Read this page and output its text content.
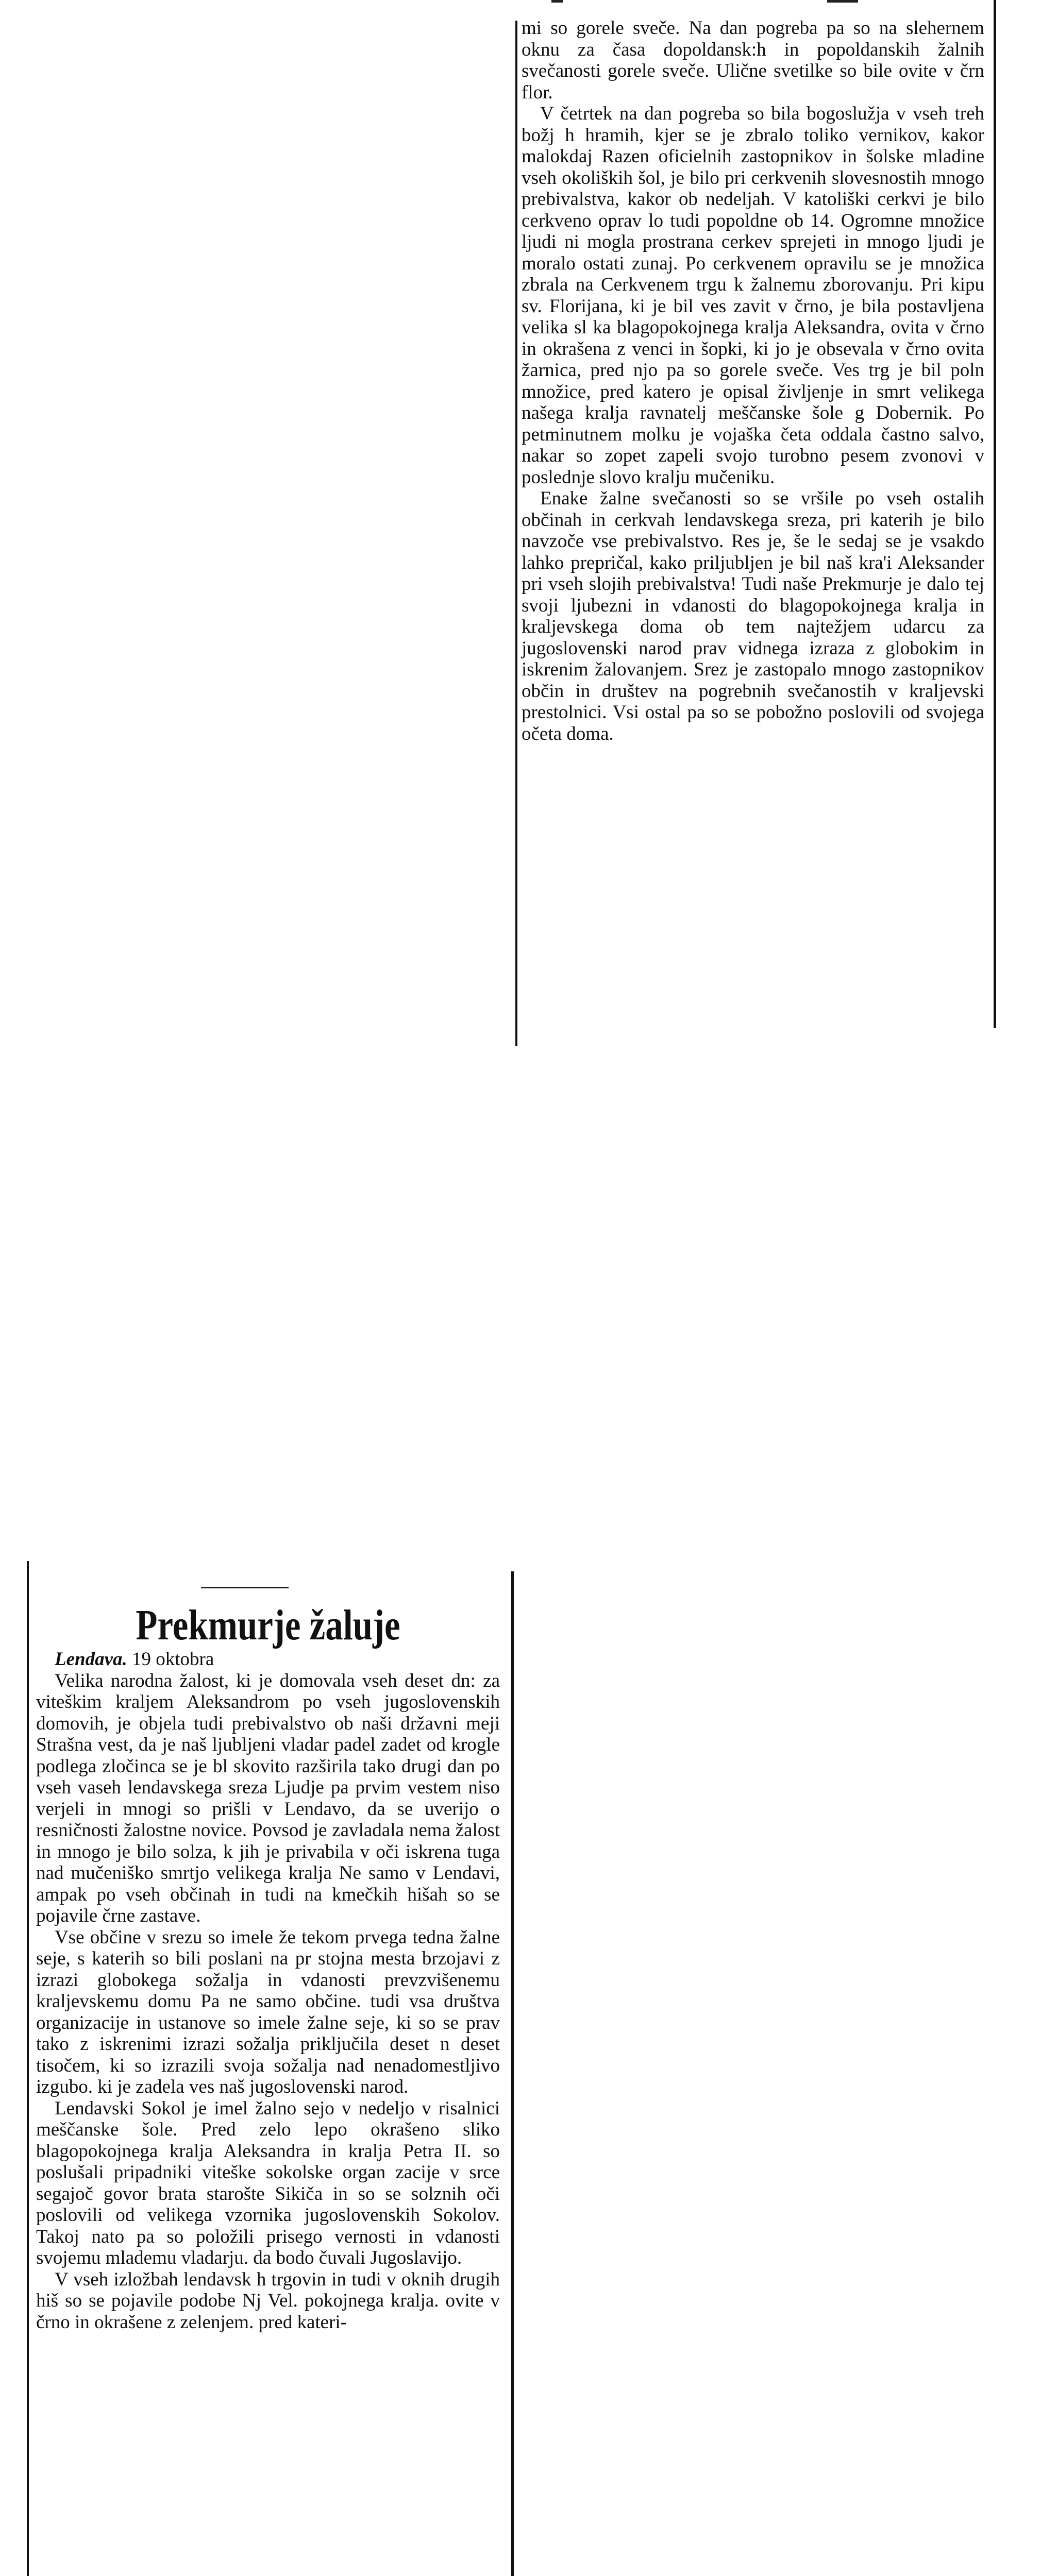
mi so gorele sveče. Na dan pogreba pa so na slehernem oknu za časa dopoldansk:h in popoldanskih žalnih svečanosti gorele sveče. Ulične svetilke so bile ovite v črn flor.

V četrtek na dan pogreba so bila bogoslužja v vseh treh božj h hramih, kjer se je zbralo toliko vernikov, kakor malokdaj Razen oficielnih zastopnikov in šolske mladine vseh okoliških šol, je bilo pri cerkvenih slovesnostih mnogo prebivalstva, kakor ob nedeljah. V katoliški cerkvi je bilo cerkveno oprav lo tudi popoldne ob 14. Ogromne množice ljudi ni mogla prostrana cerkev sprejeti in mnogo ljudi je moralo ostati zunaj. Po cerkvenem opravilu se je množica zbrala na Cerkvenem trgu k žalnemu zborovanju. Pri kipu sv. Florijana, ki je bil ves zavit v črno, je bila postavljena velika sl ka blagopokojnega kralja Aleksandra, ovita v črno in okrašena z venci in šopki, ki jo je obsevala v črno ovita žarnica, pred njo pa so gorele sveče. Ves trg je bil poln množice, pred katero je opisal življenje in smrt velikega našega kralja ravnatelj meščanske šole g Dobernik. Po petminutnem molku je vojaška četa oddala častno salvo, nakar so zopet zapeli svojo turobno pesem zvonovi v poslednje slovo kralju mučeniku.

Enake žalne svečanosti so se vršile po vseh ostalih občinah in cerkvah lendavskega sreza, pri katerih je bilo navzoče vse prebivalstvo. Res je, še le sedaj se je vsakdo lahko prepričal, kako priljubljen je bil naš kra'i Aleksander pri vseh slojih prebivalstva! Tudi naše Prekmurje je dalo tej svoji ljubezni in vdanosti do blagopokojnega kralja in kraljevskega doma ob tem najtežjem udarcu za jugoslovenski narod prav vidnega izraza z globokim in iskrenim žalovanjem. Srez je zastopalo mnogo zastopnikov občin in društev na pogrebnih svečanostih v kraljevski prestolnici. Vsi ostal pa so se pobožno poslovili od svojega očeta doma.

Prekmurje žaluje

Lendava. 19 oktobra

Velika narodna žalost, ki je domovala vseh deset dn: za viteškim kraljem Aleksandrom po vseh jugoslovenskih domovih, je objela tudi prebivalstvo ob naši državni meji Strašna vest, da je naš ljubljeni vladar padel zadet od krogle podlega zločinca se je bl skovito razširila tako drugi dan po vseh vaseh lendavskega sreza Ljudje pa prvim vestem niso verjeli in mnogi so prišli v Lendavo, da se uverijo o resničnosti žalostne novice. Povsod je zavladala nema žalost in mnogo je bilo solza, k jih je privabila v oči iskrena tuga nad mučeniško smrtjo velikega kralja Ne samo v Lendavi, ampak po vseh občinah in tudi na kmečkih hišah so se pojavile črne zastave.

Vse občine v srezu so imele že tekom prvega tedna žalne seje, s katerih so bili poslani na pr stojna mesta brzojavi z izrazi globokega sožalja in vdanosti prevzvišenemu kraljevskemu domu Pa ne samo občine. tudi vsa društva organizacije in ustanove so imele žalne seje, ki so se prav tako z iskrenimi izrazi sožalja priključila deset n deset tisočem, ki so izrazili svoja sožalja nad nenadomestljivo izgubo. ki je zadela ves naš jugoslovenski narod.

Lendavski Sokol je imel žalno sejo v nedeljo v risalnici meščanske šole. Pred zelo lepo okrašeno sliko blagopokojnega kralja Aleksandra in kralja Petra II. so poslušali pripadniki viteške sokolske organ zacije v srce segajoč govor brata starošte Sikiča in so se solznih oči poslovili od velikega vzornika jugoslovenskih Sokolov. Takoj nato pa so položili prisego vernosti in vdanosti svojemu mlademu vladarju. da bodo čuvali Jugoslavijo.

V vseh izložbah lendavsk h trgovin in tudi v oknih drugih hiš so se pojavile podobe Nj Vel. pokojnega kralja. ovite v črno in okrašene z zelenjem. pred kateri-
